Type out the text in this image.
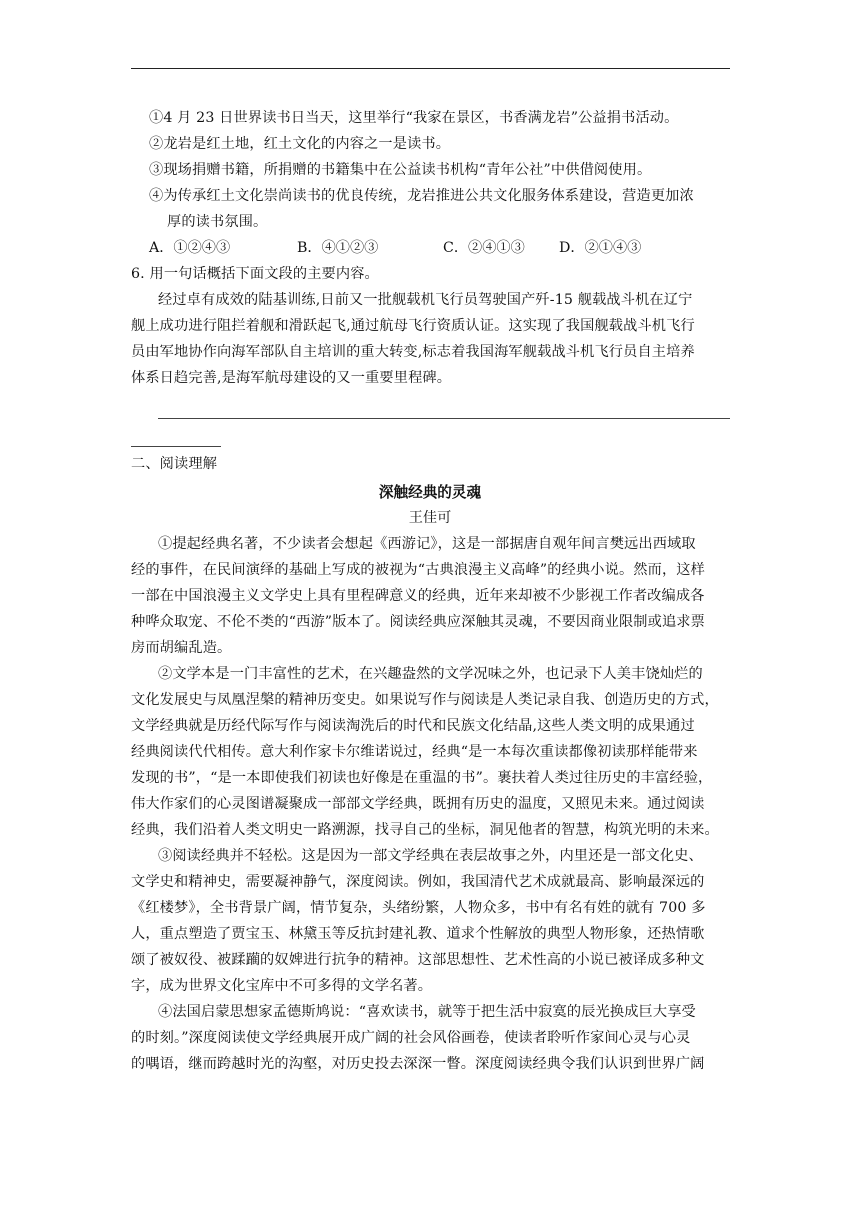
①4 月 23 日世界读书日当天，这里举行“我家在景区，书香满龙岩”公益捐书活动。
②龙岩是红土地，红土文化的内容之一是读书。
③现场捐赠书籍，所捐赠的书籍集中在公益读书机构“青年公社”中供借阅使用。
④为传承红土文化崇尚读书的优良传统，龙岩推进公共文化服务体系建设，营造更加浓
厚的读书氛围。
A．①②④③	B．④①②③	C．②④①③ D．②①④③
6. 用一句话概括下面文段的主要内容。
经过卓有成效的陆基训练,日前又一批舰载机飞行员驾驶国产歼-15 舰载战斗机在辽宁
舰上成功进行阻拦着舰和滑跃起飞,通过航母飞行资质认证。这实现了我国舰载战斗机飞行
员由军地协作向海军部队自主培训的重大转变,标志着我国海军舰载战斗机飞行员自主培养
体系日趋完善,是海军航母建设的又一重要里程碑。
二、阅读理解
深触经典的灵魂
王佳可
①提起经典名著，不少读者会想起《西游记》，这是一部据唐自观年间言樊远出西域取
经的事件，在民间演绎的基础上写成的被视为“古典浪漫主义高峰”的经典小说。然而，这样
一部在中国浪漫主义文学史上具有里程碑意义的经典，近年来却被不少影视工作者改编成各
种哗众取宠、不伦不类的“西游”版本了。阅读经典应深触其灵魂，不要因商业限制或追求票
房而胡编乱造。
②文学本是一门丰富性的艺术，在兴趣盎然的文学况味之外，也记录下人美丰饶灿烂的
文化发展史与凤凰涅槃的精神历变史。如果说写作与阅读是人类记录自我、创造历史的方式，
文学经典就是历经代际写作与阅读淘洗后的时代和民族文化结晶,这些人类文明的成果通过
经典阅读代代相传。意大利作家卡尔维诺说过，经典“是一本每次重读都像初读那样能带来
发现的书”，“是一本即使我们初读也好像是在重温的书”。裹扶着人类过往历史的丰富经验，
伟大作家们的心灵图谱凝聚成一部部文学经典，既拥有历史的温度，又照见未来。通过阅读
经典，我们沿着人类文明史一路溯源，找寻自己的坐标，洞见他者的智慧，构筑光明的未来。
③阅读经典并不轻松。这是因为一部文学经典在表层故事之外，内里还是一部文化史、
文学史和精神史，需要凝神静气，深度阅读。例如，我国清代艺术成就最高、影响最深远的
《红楼梦》，全书背景广阔，情节复杂，头绪纷繁，人物众多，书中有名有姓的就有 700 多
人，重点塑造了贾宝玉、林黛玉等反抗封建礼教、道求个性解放的典型人物形象，还热情歌
颂了被奴役、被蹂躏的奴婢进行抗争的精神。这部思想性、艺术性高的小说已被译成多种文
字，成为世界文化宝库中不可多得的文学名著。
④法国启蒙思想家孟德斯鸠说：“喜欢读书，就等于把生活中寂寞的辰光换成巨大享受
的时刻。”深度阅读使文学经典展开成广阔的社会风俗画卷，使读者聆听作家间心灵与心灵
的喁语，继而跨越时光的沟壑，对历史投去深深一瞥。深度阅读经典令我们认识到世界广阔
